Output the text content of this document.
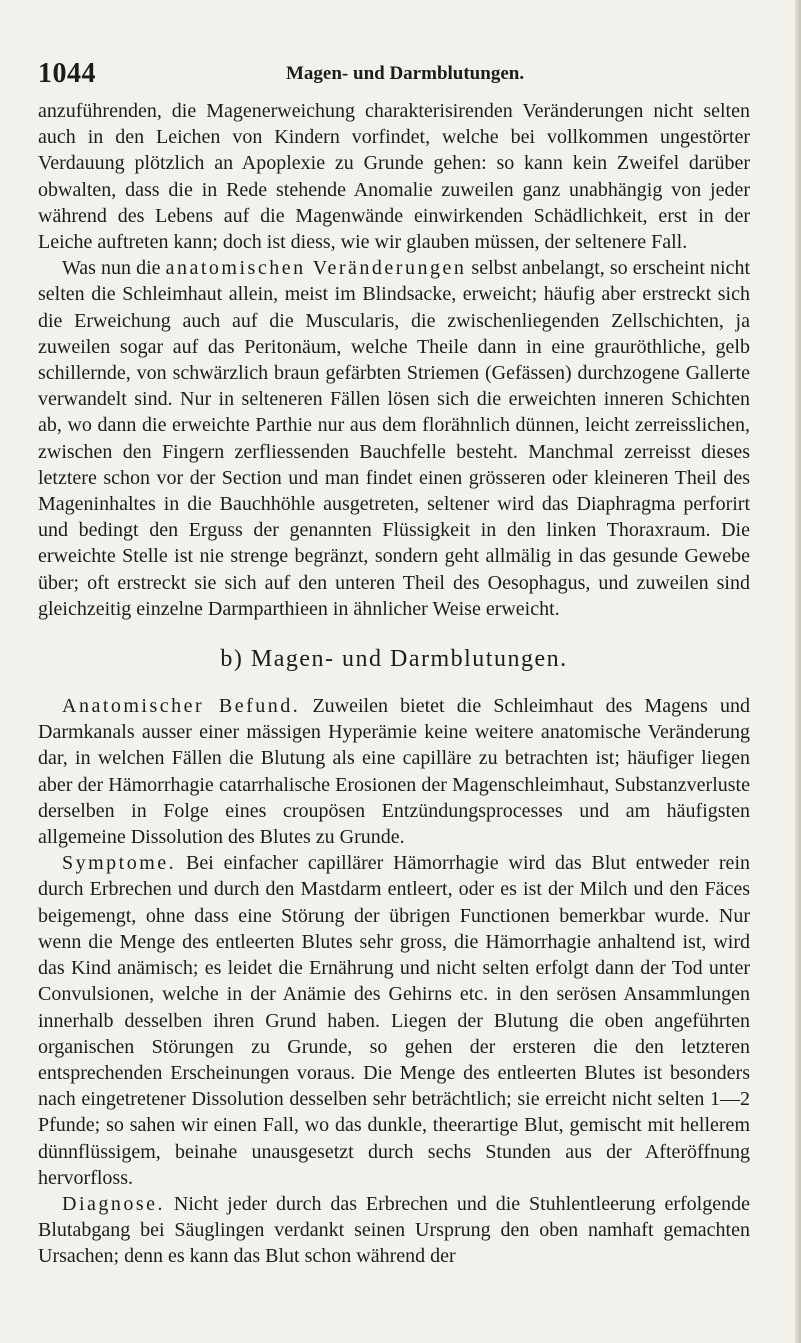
1044	Magen- und Darmblutungen.

anzuführenden, die Magenerweichung charakterisirenden Veränderungen nicht selten auch in den Leichen von Kindern vorfindet, welche bei vollkommen ungestörter Verdauung plötzlich an Apoplexie zu Grunde gehen: so kann kein Zweifel darüber obwalten, dass die in Rede stehende Anomalie zuweilen ganz unabhängig von jeder während des Lebens auf die Magenwände einwirkenden Schädlichkeit, erst in der Leiche auftreten kann; doch ist diess, wie wir glauben müssen, der seltenere Fall.

Was nun die anatomischen Veränderungen selbst anbelangt, so erscheint nicht selten die Schleimhaut allein, meist im Blindsacke, erweicht; häufig aber erstreckt sich die Erweichung auch auf die Muscularis, die zwischenliegenden Zellschichten, ja zuweilen sogar auf das Peritonäum, welche Theile dann in eine grauröthliche, gelb schillernde, von schwärzlich braun gefärbten Striemen (Gefässen) durchzogene Gallerte verwandelt sind. Nur in selteneren Fällen lösen sich die erweichten inneren Schichten ab, wo dann die erweichte Parthie nur aus dem florähnlich dünnen, leicht zerreisslichen, zwischen den Fingern zerfliessenden Bauchfelle besteht. Manchmal zerreisst dieses letztere schon vor der Section und man findet einen grösseren oder kleineren Theil des Mageninhaltes in die Bauchhöhle ausgetreten, seltener wird das Diaphragma perforirt und bedingt den Erguss der genannten Flüssigkeit in den linken Thoraxraum. Die erweichte Stelle ist nie strenge begränzt, sondern geht allmälig in das gesunde Gewebe über; oft erstreckt sie sich auf den unteren Theil des Oesophagus, und zuweilen sind gleichzeitig einzelne Darmparthieen in ähnlicher Weise erweicht.

b) Magen- und Darmblutungen.

Anatomischer Befund. Zuweilen bietet die Schleimhaut des Magens und Darmkanals ausser einer mässigen Hyperämie keine weitere anatomische Veränderung dar, in welchen Fällen die Blutung als eine capilläre zu betrachten ist; häufiger liegen aber der Hämorrhagie catarrhalische Erosionen der Magenschleimhaut, Substanzverluste derselben in Folge eines croupösen Entzündungsprocesses und am häufigsten allgemeine Dissolution des Blutes zu Grunde.

Symptome. Bei einfacher capillärer Hämorrhagie wird das Blut entweder rein durch Erbrechen und durch den Mastdarm entleert, oder es ist der Milch und den Fäces beigemengt, ohne dass eine Störung der übrigen Functionen bemerkbar wurde. Nur wenn die Menge des entleerten Blutes sehr gross, die Hämorrhagie anhaltend ist, wird das Kind anämisch; es leidet die Ernährung und nicht selten erfolgt dann der Tod unter Convulsionen, welche in der Anämie des Gehirns etc. in den serösen Ansammlungen innerhalb desselben ihren Grund haben. Liegen der Blutung die oben angeführten organischen Störungen zu Grunde, so gehen der ersteren die den letzteren entsprechenden Erscheinungen voraus. Die Menge des entleerten Blutes ist besonders nach eingetretener Dissolution desselben sehr beträchtlich; sie erreicht nicht selten 1—2 Pfunde; so sahen wir einen Fall, wo das dunkle, theerartige Blut, gemischt mit hellerem dünnflüssigem, beinahe unausgesetzt durch sechs Stunden aus der Afteröffnung hervorfloss.

Diagnose. Nicht jeder durch das Erbrechen und die Stuhlentleerung erfolgende Blutabgang bei Säuglingen verdankt seinen Ursprung den oben namhaft gemachten Ursachen; denn es kann das Blut schon während der
